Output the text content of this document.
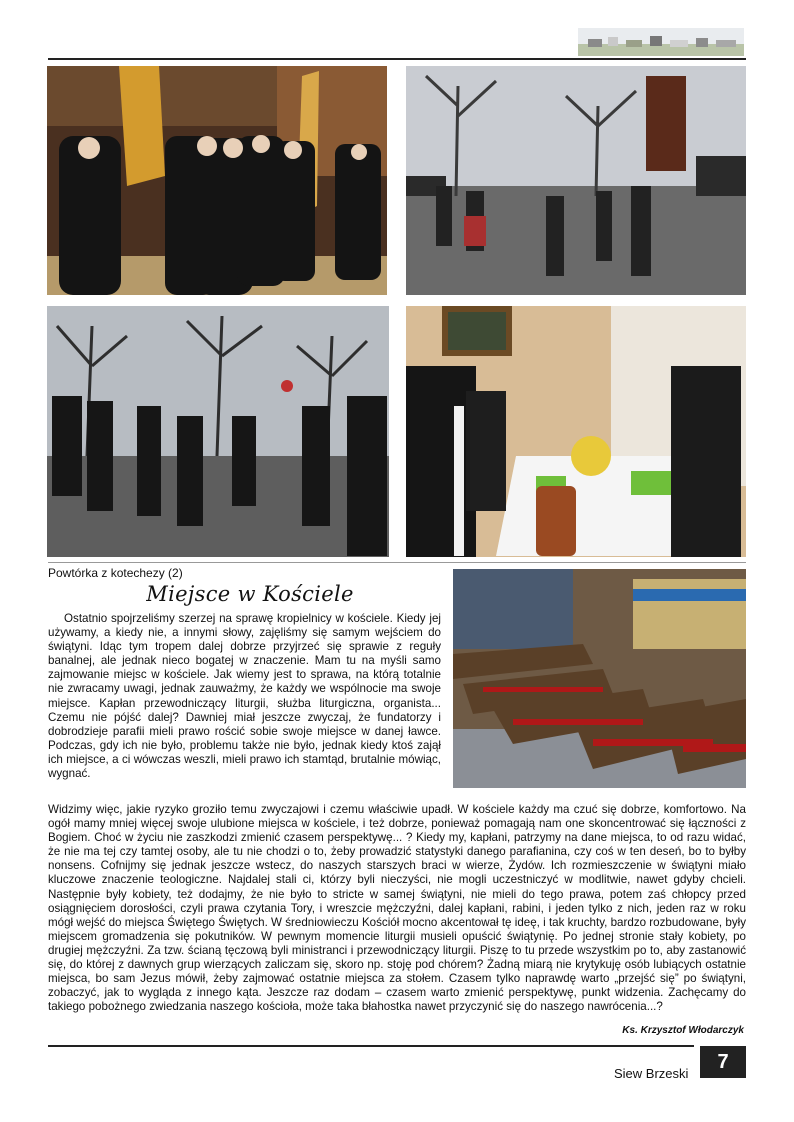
Powtórka z kotechezy (2)
Miejsce w Kościele
Ostatnio spojrzeliśmy szerzej na sprawę kropielnicy w kościele. Kiedy jej używamy, a kiedy nie, a innymi słowy, zajęliśmy się samym wejściem do świątyni. Idąc tym tropem dalej dobrze przyjrzeć się sprawie z reguły banalnej, ale jednak nieco bogatej w znaczenie. Mam tu na myśli samo zajmowanie miejsc w kościele. Jak wiemy jest to sprawa, na którą totalnie nie zwracamy uwagi, jednak zauważmy, że każdy we wspólnocie ma swoje miejsce. Kapłan przewodniczący liturgii, służba liturgiczna, organista... Czemu nie pójść dalej? Dawniej miał jeszcze zwyczaj, że fundatorzy i dobrodzieje parafii mieli prawo rościć sobie swoje miejsce w danej ławce. Podczas, gdy ich nie było, problemu także nie było, jednak kiedy ktoś zajął ich miejsce, a ci wówczas weszli, mieli prawo ich stamtąd, brutalnie mówiąc, wygnać.
Widzimy więc, jakie ryzyko groziło temu zwyczajowi i czemu właściwie upadł. W kościele każdy ma czuć się dobrze, komfortowo. Na ogół mamy mniej więcej swoje ulubione miejsca w kościele, i też dobrze, ponieważ pomagają nam one skoncentrować się łączności z Bogiem. Choć w życiu nie zaszkodzi zmienić czasem perspektywę... ? Kiedy my, kapłani, patrzymy na dane miejsca, to od razu widać, że nie ma tej czy tamtej osoby, ale tu nie chodzi o to, żeby prowadzić statystyki danego parafianina, czy coś w ten deseń, bo to byłby nonsens. Cofnijmy się jednak jeszcze wstecz, do naszych starszych braci w wierze, Żydów. Ich rozmieszczenie w świątyni miało kluczowe znaczenie teologiczne. Najdalej stali ci, którzy byli nieczyści, nie mogli uczestniczyć w modlitwie, nawet gdyby chcieli. Następnie były kobiety, też dodajmy, że nie było to stricte w samej świątyni, nie mieli do tego prawa, potem zaś chłopcy przed osiągnięciem dorosłości, czyli prawa czytania Tory, i wreszcie mężczyźni, dalej kapłani, rabini, i jeden tylko z nich, jeden raz w roku mógł wejść do miejsca Świętego Świętych. W średniowieczu Kościół mocno akcentował tę ideę, i tak kruchty, bardzo rozbudowane, były miejscem gromadzenia się pokutników. W pewnym momencie liturgii musieli opuścić świątynię. Po jednej stronie stały kobiety, po drugiej mężczyźni. Za tzw. ścianą tęczową byli ministranci i przewodniczący liturgii. Piszę to tu przede wszystkim po to, aby zastanowić się, do której z dawnych grup wierzących zaliczam się, skoro np. stoję pod chórem? Żadną miarą nie krytykuję osób lubiących ostatnie miejsca, bo sam Jezus mówił, żeby zajmować ostatnie miejsca za stołem. Czasem tylko naprawdę warto „przejść się” po świątyni, zobaczyć, jak to wygląda z innego kąta. Jeszcze raz dodam – czasem warto zmienić perspektywę, punkt widzenia. Zachęcamy do takiego pobożnego zwiedzania naszego kościoła, może taka błahostka nawet przyczynić się do naszego nawrócenia...?
Ks. Krzysztof Włodarczyk
Siew Brzeski
7
